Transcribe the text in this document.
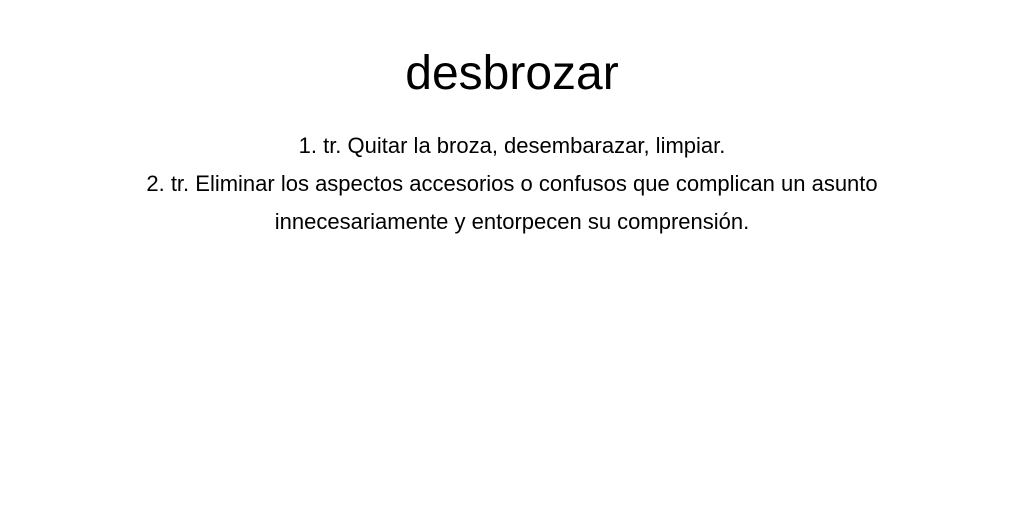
desbrozar
1. tr. Quitar la broza, desembarazar, limpiar.
2. tr. Eliminar los aspectos accesorios o confusos que complican un asunto innecesariamente y entorpecen su comprensión.
